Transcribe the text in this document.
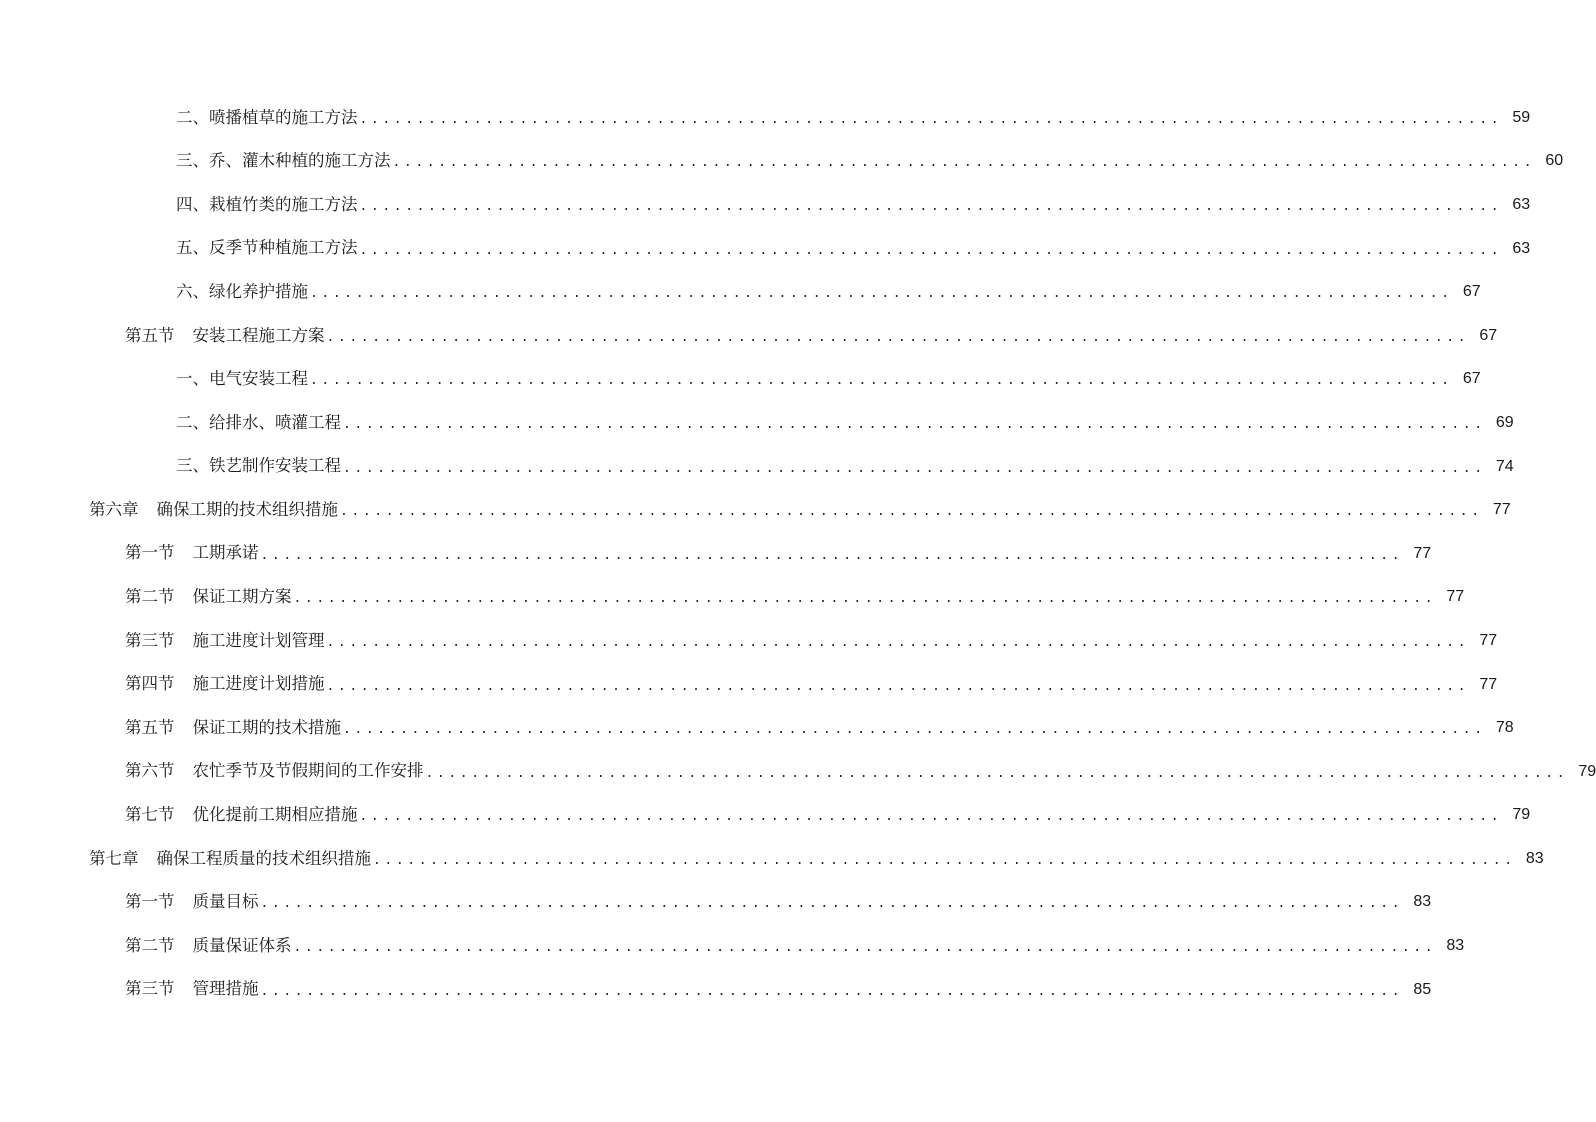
二、喷播植草的施工方法 .................................................................................................... 59
三、乔、灌木种植的施工方法 .................................................................................................... 60
四、栽植竹类的施工方法 .................................................................................................... 63
五、反季节种植施工方法 .................................................................................................... 63
六、绿化养护措施 .................................................................................................... 67
第五节 安装工程施工方案 .................................................................................................... 67
一、电气安装工程 .................................................................................................... 67
二、给排水、喷灌工程 .................................................................................................... 69
三、铁艺制作安装工程 .................................................................................................... 74
第六章 确保工期的技术组织措施 .................................................................................................... 77
第一节 工期承诺 .................................................................................................... 77
第二节 保证工期方案 .................................................................................................... 77
第三节 施工进度计划管理 .................................................................................................... 77
第四节 施工进度计划措施 .................................................................................................... 77
第五节 保证工期的技术措施 .................................................................................................... 78
第六节 农忙季节及节假期间的工作安排 .................................................................................................... 79
第七节 优化提前工期相应措施 .................................................................................................... 79
第七章 确保工程质量的技术组织措施 .................................................................................................... 83
第一节 质量目标 .................................................................................................... 83
第二节 质量保证体系 .................................................................................................... 83
第三节 管理措施 .................................................................................................... 85
